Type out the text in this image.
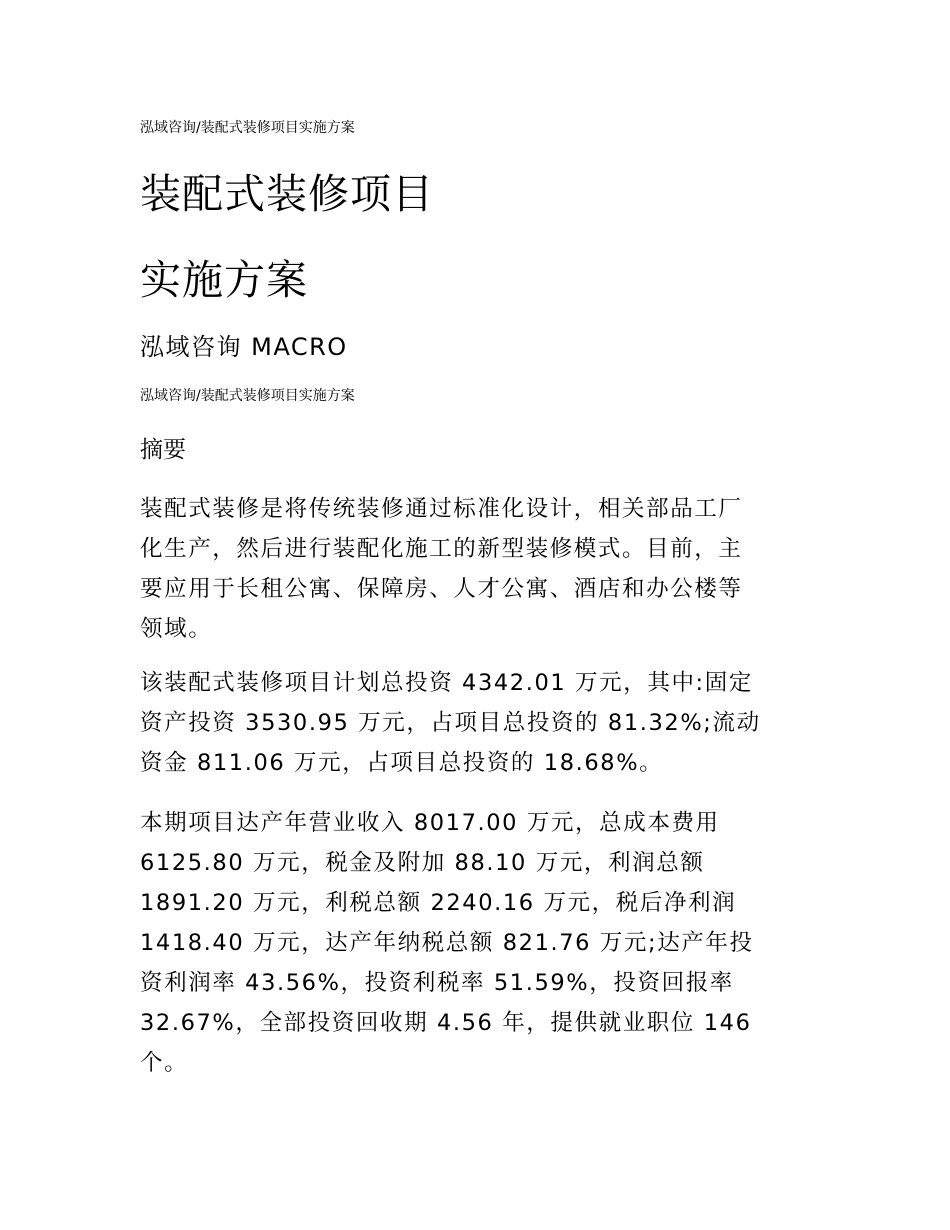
泓域咨询/装配式装修项目实施方案
装配式装修项目
实施方案
泓域咨询 MACRO
泓域咨询/装配式装修项目实施方案
摘要
装配式装修是将传统装修通过标准化设计，相关部品工厂
化生产，然后进行装配化施工的新型装修模式。目前，主
要应用于长租公寓、保障房、人才公寓、酒店和办公楼等
领域。
该装配式装修项目计划总投资 4342.01 万元，其中:固定
资产投资 3530.95 万元，占项目总投资的 81.32%;流动
资金 811.06 万元，占项目总投资的 18.68%。
本期项目达产年营业收入 8017.00 万元，总成本费用
6125.80 万元，税金及附加 88.10 万元，利润总额
1891.20 万元，利税总额 2240.16 万元，税后净利润
1418.40 万元，达产年纳税总额 821.76 万元;达产年投
资利润率 43.56%，投资利税率 51.59%，投资回报率
32.67%，全部投资回收期 4.56 年，提供就业职位 146
个。
